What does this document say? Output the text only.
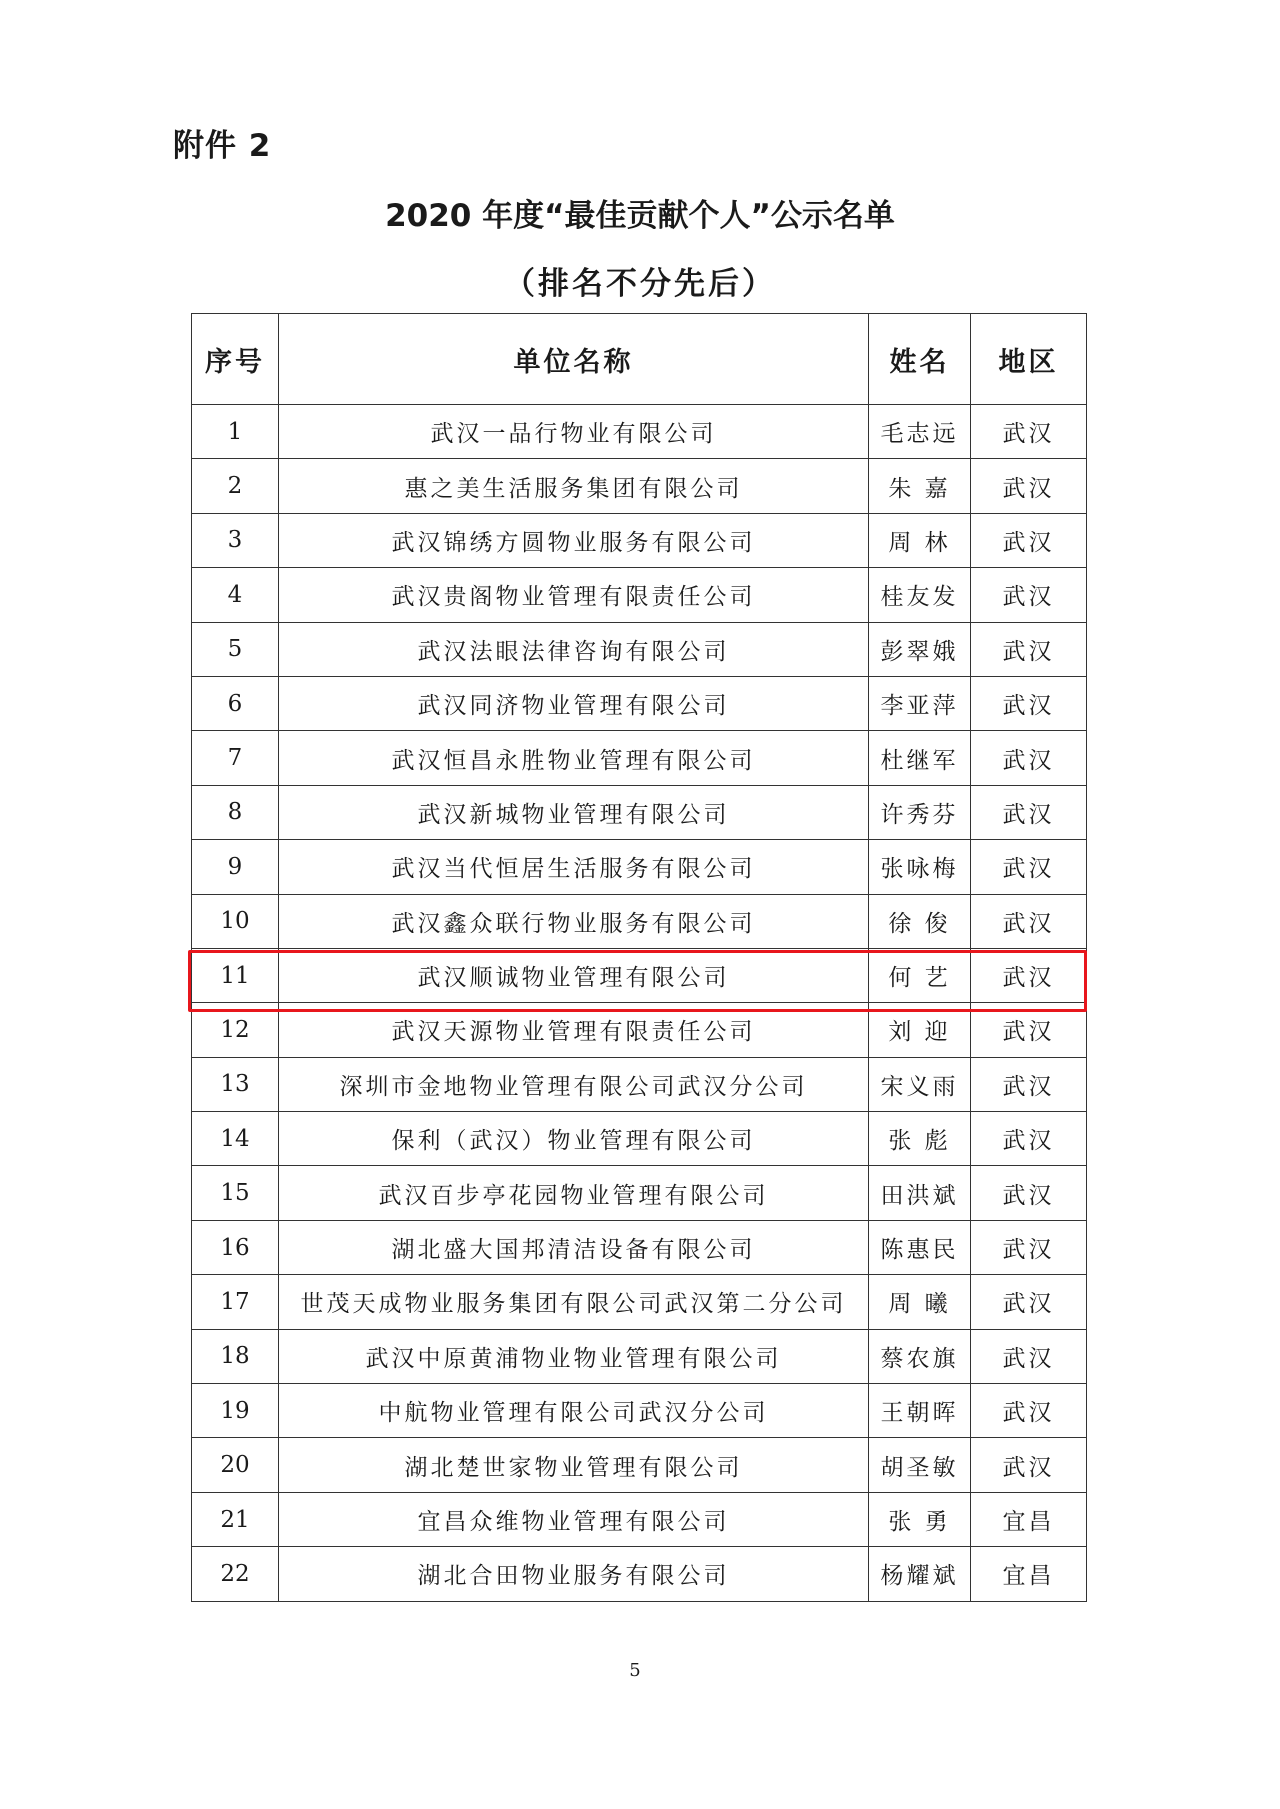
附件 2
2020 年度“最佳贡献个人”公示名单
（排名不分先后）
序号	单位名称	姓名	地区
1	武汉一品行物业有限公司	毛志远	武汉
2	惠之美生活服务集团有限公司	朱 嘉	武汉
3	武汉锦绣方圆物业服务有限公司	周 林	武汉
4	武汉贵阁物业管理有限责任公司	桂友发	武汉
5	武汉法眼法律咨询有限公司	彭翠娥	武汉
6	武汉同济物业管理有限公司	李亚萍	武汉
7	武汉恒昌永胜物业管理有限公司	杜继军	武汉
8	武汉新城物业管理有限公司	许秀芬	武汉
9	武汉当代恒居生活服务有限公司	张咏梅	武汉
10	武汉鑫众联行物业服务有限公司	徐 俊	武汉
11	武汉顺诚物业管理有限公司	何 艺	武汉
12	武汉天源物业管理有限责任公司	刘 迎	武汉
13	深圳市金地物业管理有限公司武汉分公司	宋义雨	武汉
14	保利（武汉）物业管理有限公司	张 彪	武汉
15	武汉百步亭花园物业管理有限公司	田洪斌	武汉
16	湖北盛大国邦清洁设备有限公司	陈惠民	武汉
17	世茂天成物业服务集团有限公司武汉第二分公司	周 曦	武汉
18	武汉中原黄浦物业物业管理有限公司	蔡农旗	武汉
19	中航物业管理有限公司武汉分公司	王朝晖	武汉
20	湖北楚世家物业管理有限公司	胡圣敏	武汉
21	宜昌众维物业管理有限公司	张 勇	宜昌
22	湖北合田物业服务有限公司	杨耀斌	宜昌
5
